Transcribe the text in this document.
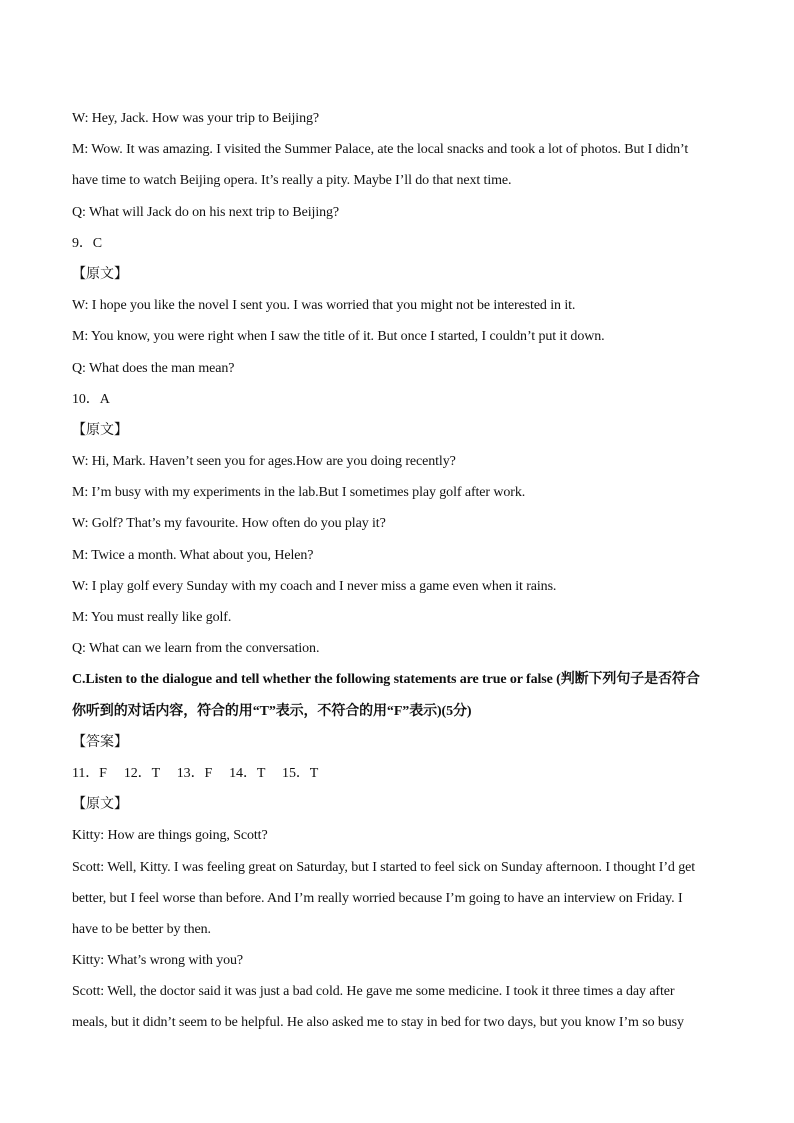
W: Hey, Jack. How was your trip to Beijing?
M: Wow. It was amazing. I visited the Summer Palace, ate the local snacks and took a lot of photos. But I didn’t
have time to watch Beijing opera. It’s really a pity. Maybe I’ll do that next time.
Q: What will Jack do on his next trip to Beijing?
9．C
【原文】
W: I hope you like the novel I sent you. I was worried that you might not be interested in it.
M: You know, you were right when I saw the title of it. But once I started, I couldn’t put it down.
Q: What does the man mean?
10．A
【原文】
W: Hi, Mark. Haven’t seen you for ages.How are you doing recently?
M: I’m busy with my experiments in the lab.But I sometimes play golf after work.
W: Golf? That’s my favourite. How often do you play it?
M: Twice a month. What about you, Helen?
W: I play golf every Sunday with my coach and I never miss a game even when it rains.
M: You must really like golf.
Q: What can we learn from the conversation.
C.Listen to the dialogue and tell whether the following statements are true or false (判断下列句子是否符合
你听到的对话内容，符合的用“T”表示，不符合的用“F”表示)(5分)
【答案】
11．F     12．T     13．F     14．T     15．T
【原文】
Kitty: How are things going, Scott?
Scott: Well, Kitty. I was feeling great on Saturday, but I started to feel sick on Sunday afternoon. I thought I’d get
better, but I feel worse than before. And I’m really worried because I’m going to have an interview on Friday. I
have to be better by then.
Kitty: What’s wrong with you?
Scott: Well, the doctor said it was just a bad cold. He gave me some medicine. I took it three times a day after
meals, but it didn’t seem to be helpful. He also asked me to stay in bed for two days, but you know I’m so busy
